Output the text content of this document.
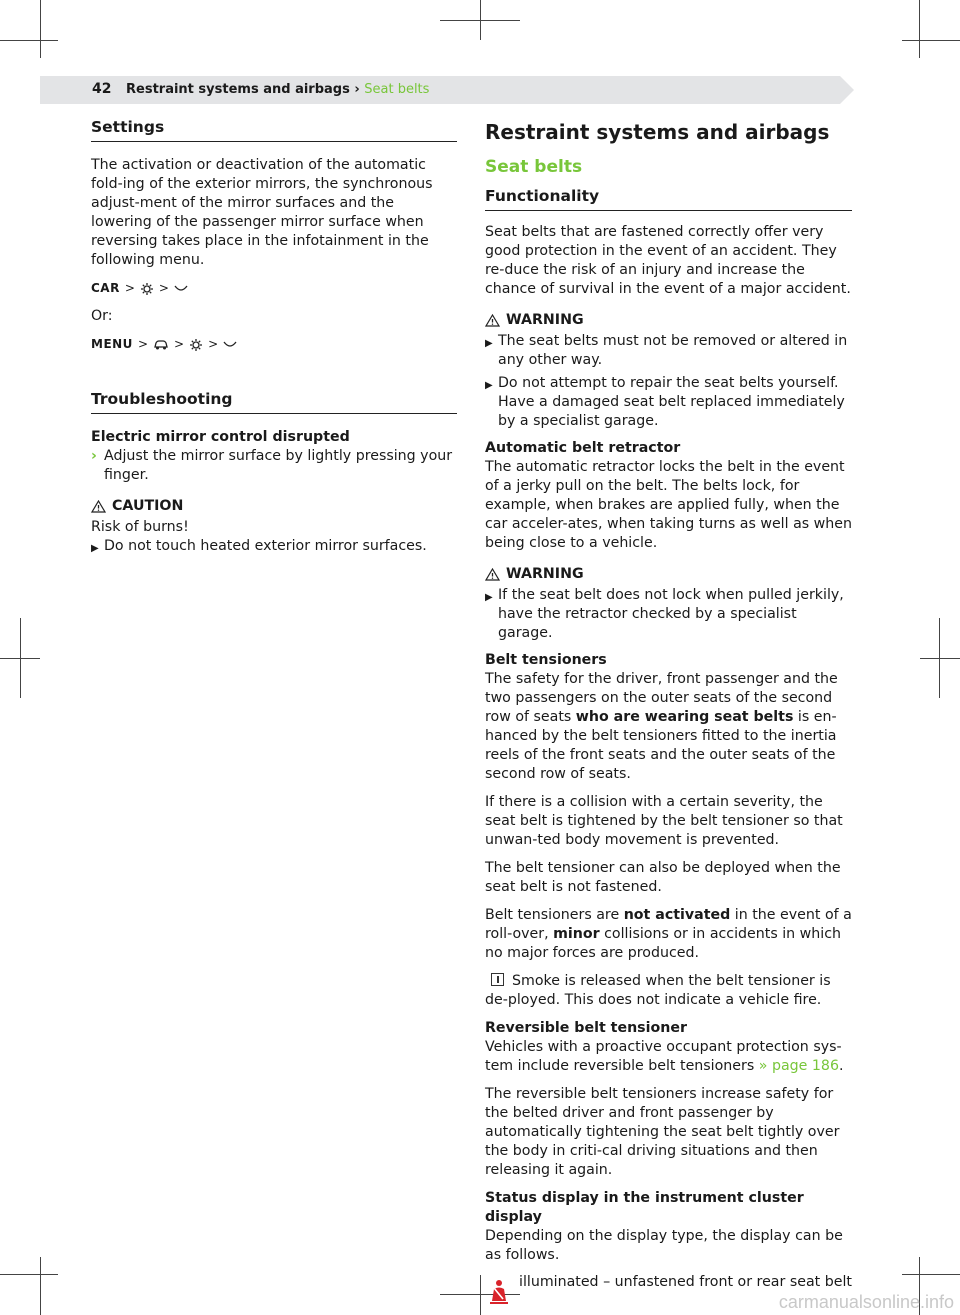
42 Restraint systems and airbags › Seat belts
Settings

The activation or deactivation of the automatic fold-ing of the exterior mirrors, the synchronous adjust-ment of the mirror surfaces and the lowering of the passenger mirror surface when reversing takes place in the infotainment in the following menu.

CAR > >

Or:

MENU > > >
Troubleshooting
Electric mirror control disrupted
› Adjust the mirror surface by lightly pressing your finger.
CAUTION
Risk of burns!
▶ Do not touch heated exterior mirror surfaces.
Restraint systems and airbags
Seat belts
Functionality

Seat belts that are fastened correctly offer very good protection in the event of an accident. They re-duce the risk of an injury and increase the chance of survival in the event of a major accident.

WARNING
▶ The seat belts must not be removed or altered in any other way.
▶ Do not attempt to repair the seat belts yourself. Have a damaged seat belt replaced immediately by a specialist garage.
Automatic belt retractor

The automatic retractor locks the belt in the event of a jerky pull on the belt. The belts lock, for example, when brakes are applied fully, when the car acceler-ates, when taking turns as well as when being close to a vehicle.

WARNING
▶ If the seat belt does not lock when pulled jerkily, have the retractor checked by a specialist garage.
Belt tensioners

The safety for the driver, front passenger and the two passengers on the outer seats of the second row of seats who are wearing seat belts is en-hanced by the belt tensioners fitted to the inertia reels of the front seats and the outer seats of the second row of seats.

If there is a collision with a certain severity, the seat belt is tightened by the belt tensioner so that unwan-ted body movement is prevented.

The belt tensioner can also be deployed when the seat belt is not fastened.

Belt tensioners are not activated in the event of a roll-over, minor collisions or in accidents in which no major forces are produced.

Smoke is released when the belt tensioner is de-ployed. This does not indicate a vehicle fire.

Reversible belt tensioner

Vehicles with a proactive occupant protection sys-tem include reversible belt tensioners » page 186.

The reversible belt tensioners increase safety for the belted driver and front passenger by automatically tightening the seat belt tightly over the body in criti-cal driving situations and then releasing it again.

Status display in the instrument cluster display
Depending on the display type, the display can be as follows.
illuminated – unfastened front or rear seat belt
carmanualsonline.info
